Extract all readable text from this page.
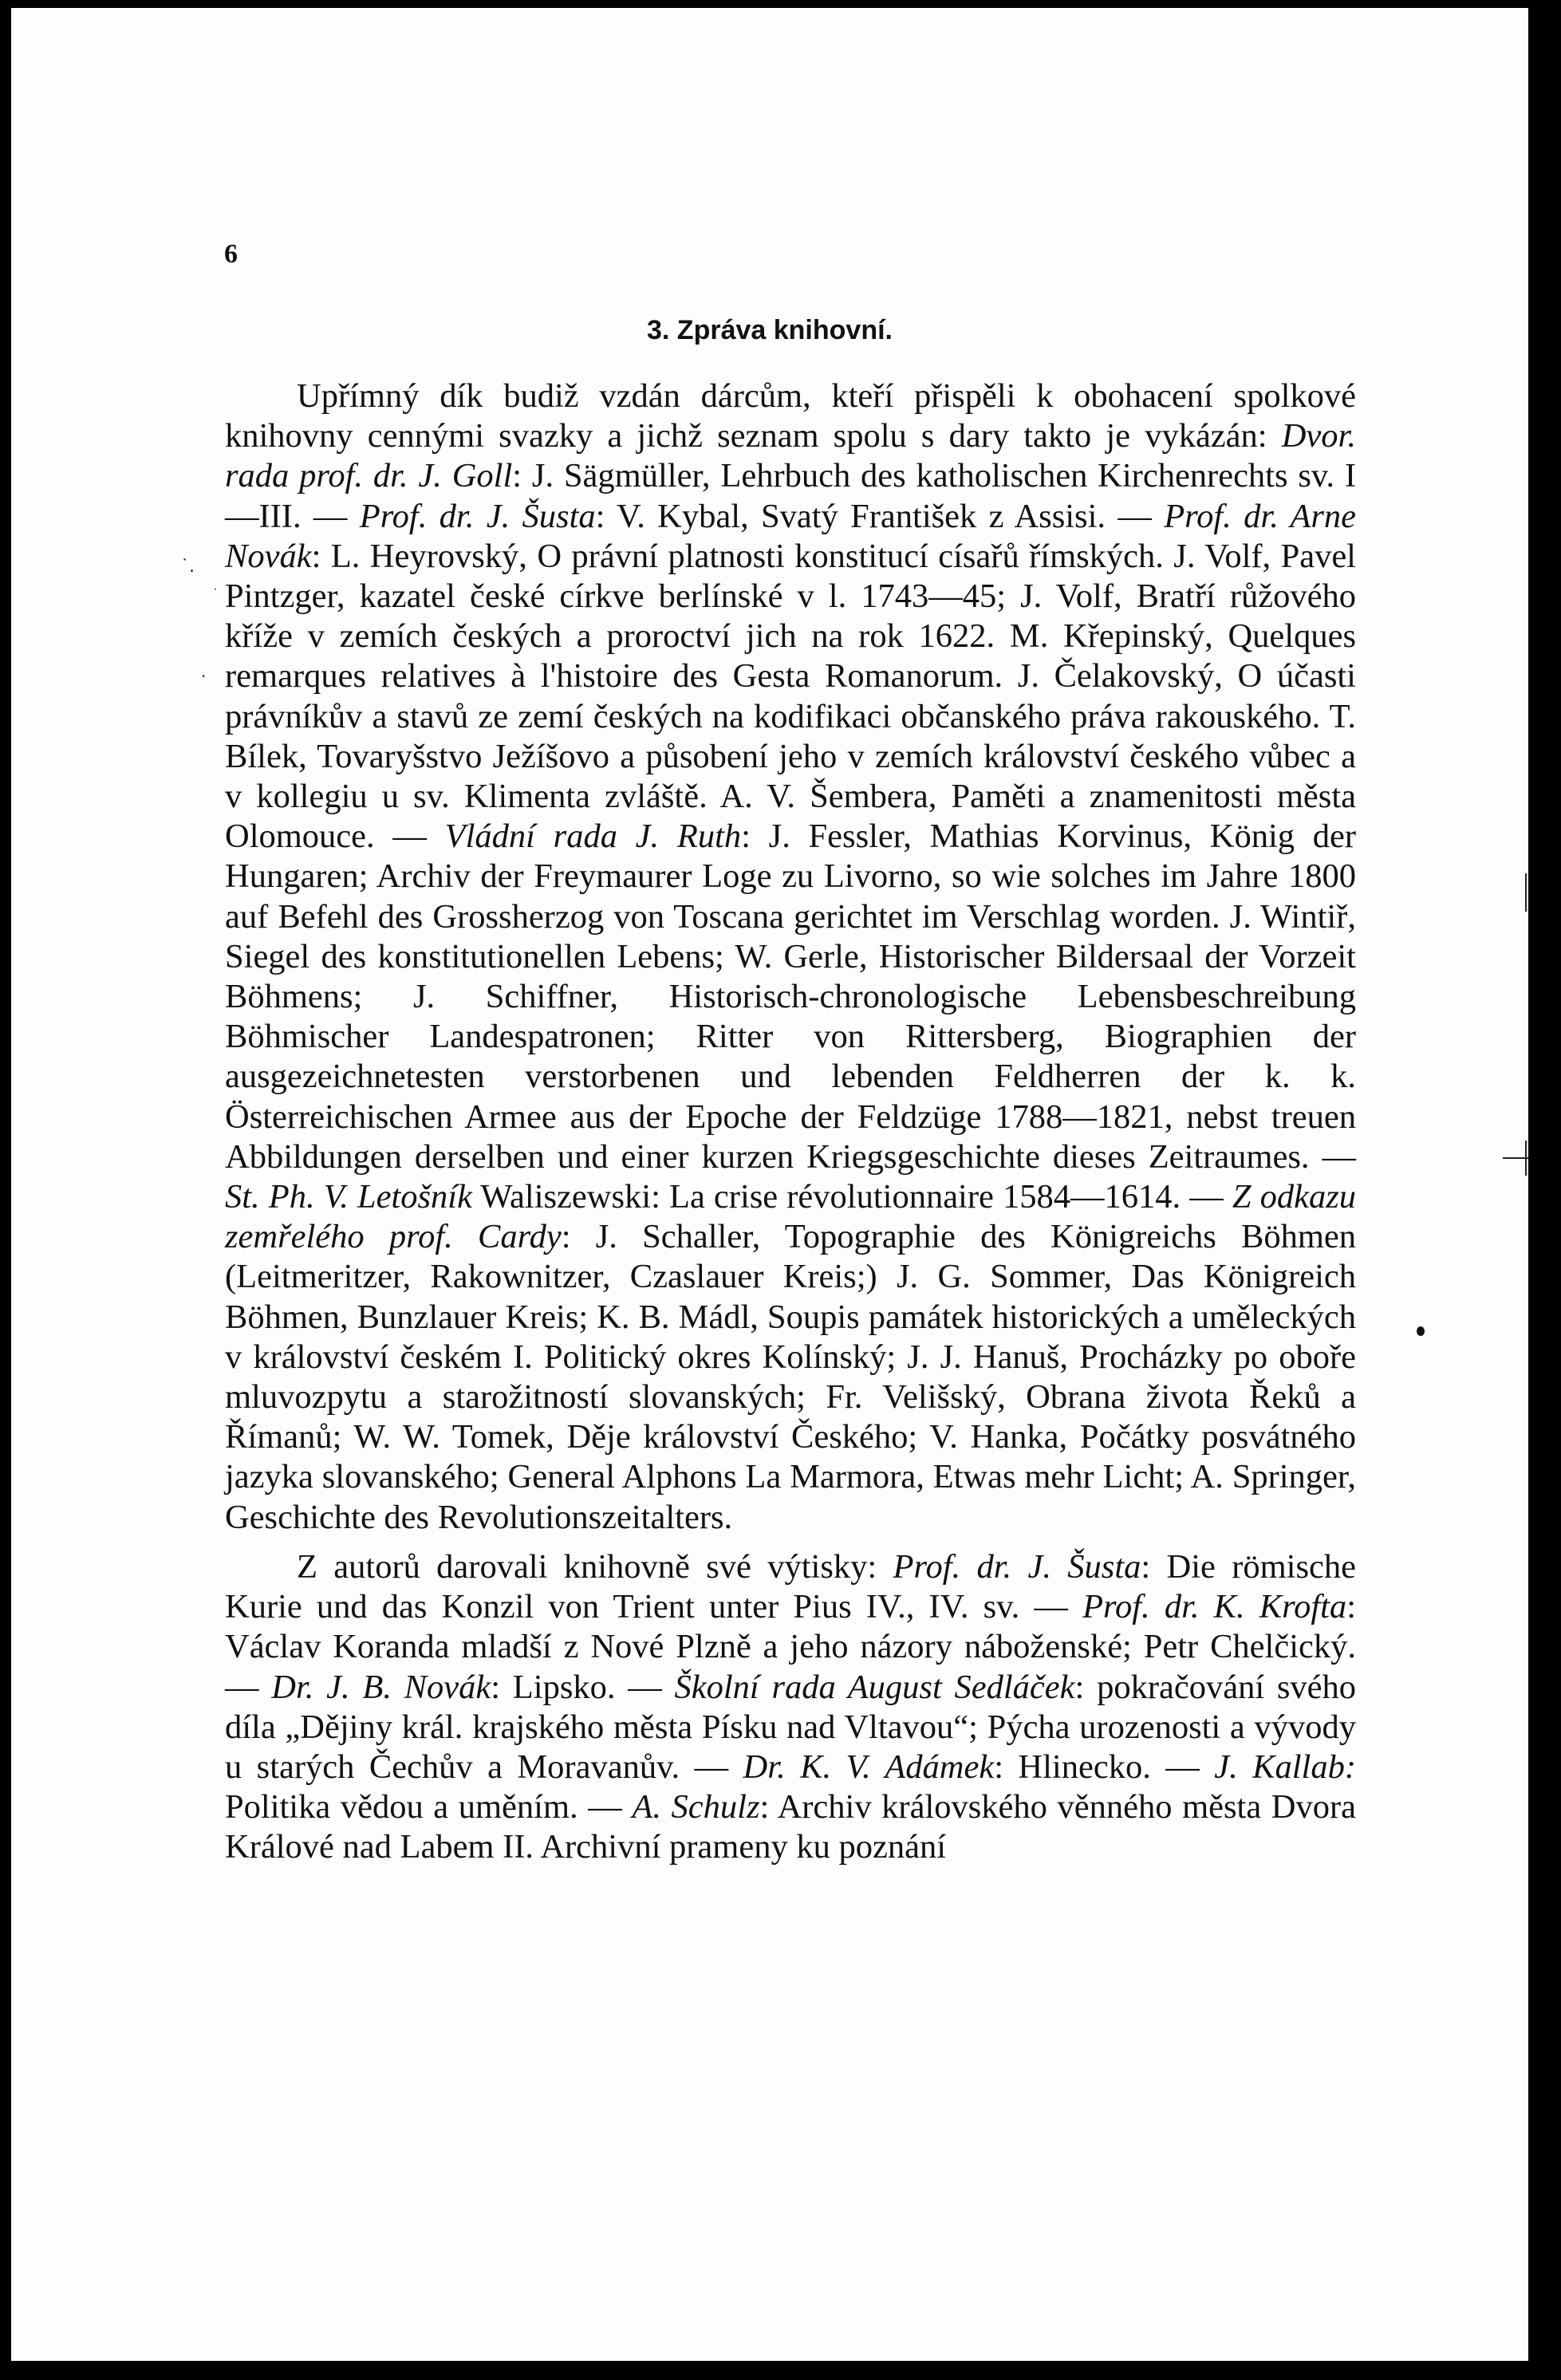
6

3. Zpráva knihovní.

Upřímný dík budiž vzdán dárcům, kteří přispěli k obohacení spolkové knihovny cennými svazky a jichž seznam spolu s dary takto je vykázán: Dvor. rada prof. dr. J. Goll: J. Sägmüller, Lehrbuch des katholischen Kirchenrechts sv. I—III. — Prof. dr. J. Šusta: V. Kybal, Svatý František z Assisi. — Prof. dr. Arne Novák: L. Heyrovský, O právní platnosti konstitucí císařů římských. J. Volf, Pavel Pintzger, kazatel české církve berlínské v l. 1743—45; J. Volf, Bratří růžového kříže v zemích českých a proroctví jich na rok 1622. M. Křepinský, Quelques remarques relatives à l'histoire des Gesta Romanorum. J. Čelakovský, O účasti právníkův a stavů ze zemí českých na kodifikaci občanského práva rakouského. T. Bílek, Tovaryšstvo Ježíšovo a působení jeho v zemích království českého vůbec a v kollegiu u sv. Klimenta zvláště. A. V. Šembera, Paměti a znamenitosti města Olomouce. — Vládní rada J. Ruth: J. Fessler, Mathias Korvinus, König der Hungaren; Archiv der Freymaurer Loge zu Livorno, so wie solches im Jahre 1800 auf Befehl des Grossherzog von Toscana gerichtet im Verschlag worden. J. Wintiř, Siegel des konstitutionellen Lebens; W. Gerle, Historischer Bildersaal der Vorzeit Böhmens; J. Schiffner, Historisch-chronologische Lebensbeschreibung Böhmischer Landespatronen; Ritter von Rittersberg, Biographien der ausgezeichnetesten verstorbenen und lebenden Feldherren der k. k. Österreichischen Armee aus der Epoche der Feldzüge 1788—1821, nebst treuen Abbildungen derselben und einer kurzen Kriegsgeschichte dieses Zeitraumes. — St. Ph. V. Letošník Waliszewski: La crise révolutionnaire 1584—1614. — Z odkazu zemřelého prof. Cardy: J. Schaller, Topographie des Königreichs Böhmen (Leitmeritzer, Rakownitzer, Czaslauer Kreis;) J. G. Sommer, Das Königreich Böhmen, Bunzlauer Kreis; K. B. Mádl, Soupis památek historických a uměleckých v království českém I. Politický okres Kolínský; J. J. Hanuš, Procházky po oboře mluvozpytu a starožitností slovanských; Fr. Velišský, Obrana života Řeků a Římanů; W. W. Tomek, Děje království Českého; V. Hanka, Počátky posvátného jazyka slovanského; General Alphons La Marmora, Etwas mehr Licht; A. Springer, Geschichte des Revolutionszeitalters.

Z autorů darovali knihovně své výtisky: Prof. dr. J. Šusta: Die römische Kurie und das Konzil von Trient unter Pius IV., IV. sv. — Prof. dr. K. Krofta: Václav Koranda mladší z Nové Plzně a jeho názory náboženské; Petr Chelčický. — Dr. J. B. Novák: Lipsko. — Školní rada August Sedláček: pokračování svého díla „Dějiny král. krajského města Písku nad Vltavou“; Pýcha urozenosti a vývody u starých Čechův a Moravanův. — Dr. K. V. Adámek: Hlinecko. — J. Kallab: Politika vědou a uměním. — A. Schulz: Archiv královského věnného města Dvora Králové nad Labem II. Archivní prameny ku poznání

˙.
·
˙
